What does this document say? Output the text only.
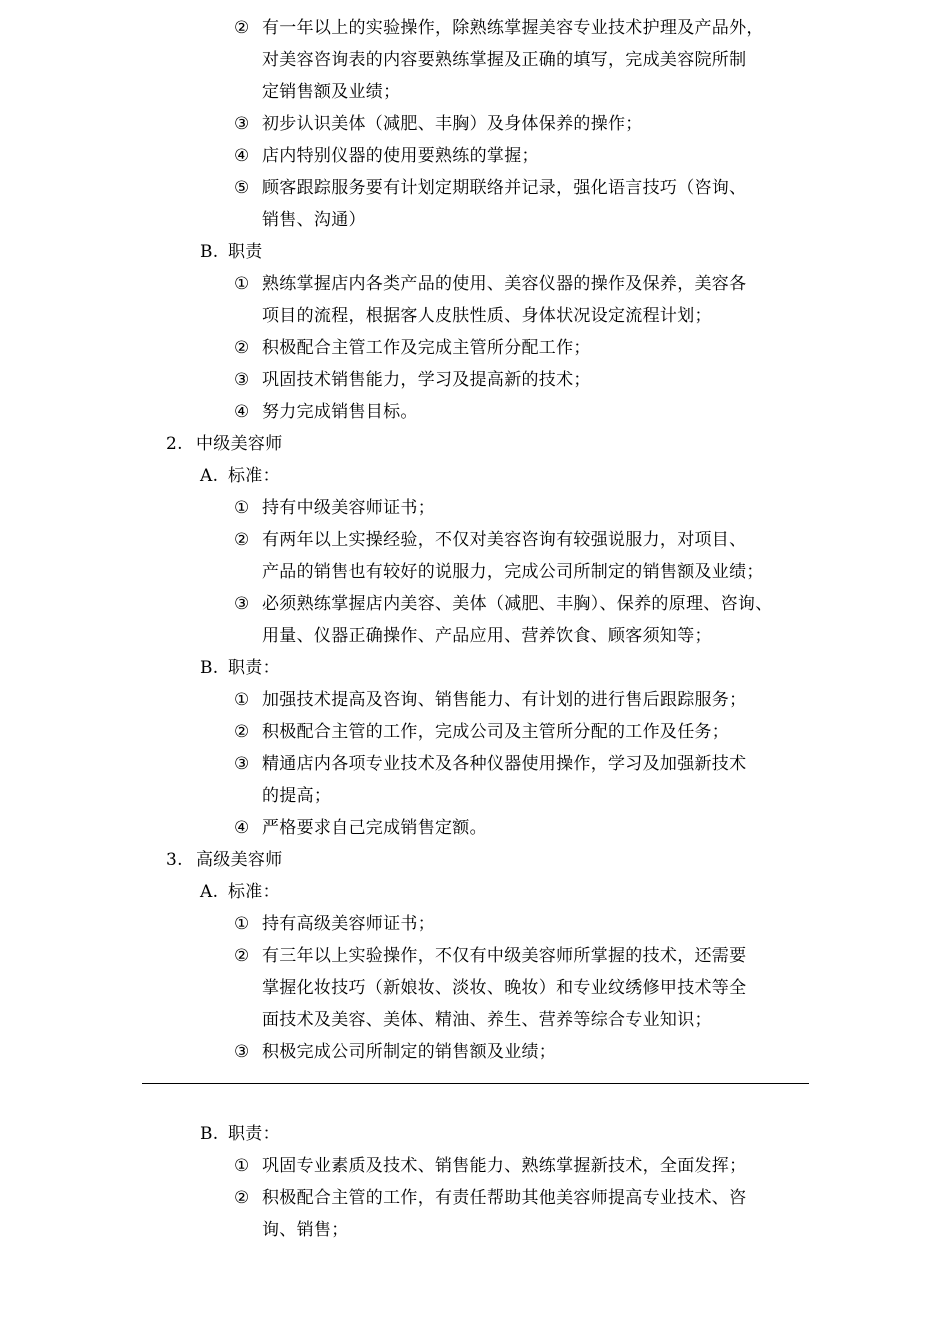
② 有一年以上的实验操作，除熟练掌握美容专业技术护理及产品外，
对美容咨询表的内容要熟练掌握及正确的填写，完成美容院所制
定销售额及业绩；
③ 初步认识美体（减肥、丰胸）及身体保养的操作；
④ 店内特别仪器的使用要熟练的掌握；
⑤ 顾客跟踪服务要有计划定期联络并记录，强化语言技巧（咨询、
销售、沟通）
B. 职责
① 熟练掌握店内各类产品的使用、美容仪器的操作及保养，美容各
项目的流程，根据客人皮肤性质、身体状况设定流程计划；
② 积极配合主管工作及完成主管所分配工作；
③ 巩固技术销售能力，学习及提高新的技术；
④ 努力完成销售目标。
2. 中级美容师
A. 标准：
① 持有中级美容师证书；
② 有两年以上实操经验，不仅对美容咨询有较强说服力，对项目、
产品的销售也有较好的说服力，完成公司所制定的销售额及业绩；
③ 必须熟练掌握店内美容、美体（减肥、丰胸）、保养的原理、咨询、
用量、仪器正确操作、产品应用、营养饮食、顾客须知等；
B. 职责：
① 加强技术提高及咨询、销售能力、有计划的进行售后跟踪服务；
② 积极配合主管的工作，完成公司及主管所分配的工作及任务；
③ 精通店内各项专业技术及各种仪器使用操作，学习及加强新技术
的提高；
④ 严格要求自己完成销售定额。
3. 高级美容师
A. 标准：
① 持有高级美容师证书；
② 有三年以上实验操作，不仅有中级美容师所掌握的技术，还需要
掌握化妆技巧（新娘妆、淡妆、晚妆）和专业纹绣修甲技术等全
面技术及美容、美体、精油、养生、营养等综合专业知识；
③ 积极完成公司所制定的销售额及业绩；
B. 职责：
① 巩固专业素质及技术、销售能力、熟练掌握新技术，全面发挥；
② 积极配合主管的工作，有责任帮助其他美容师提高专业技术、咨
询、销售；
